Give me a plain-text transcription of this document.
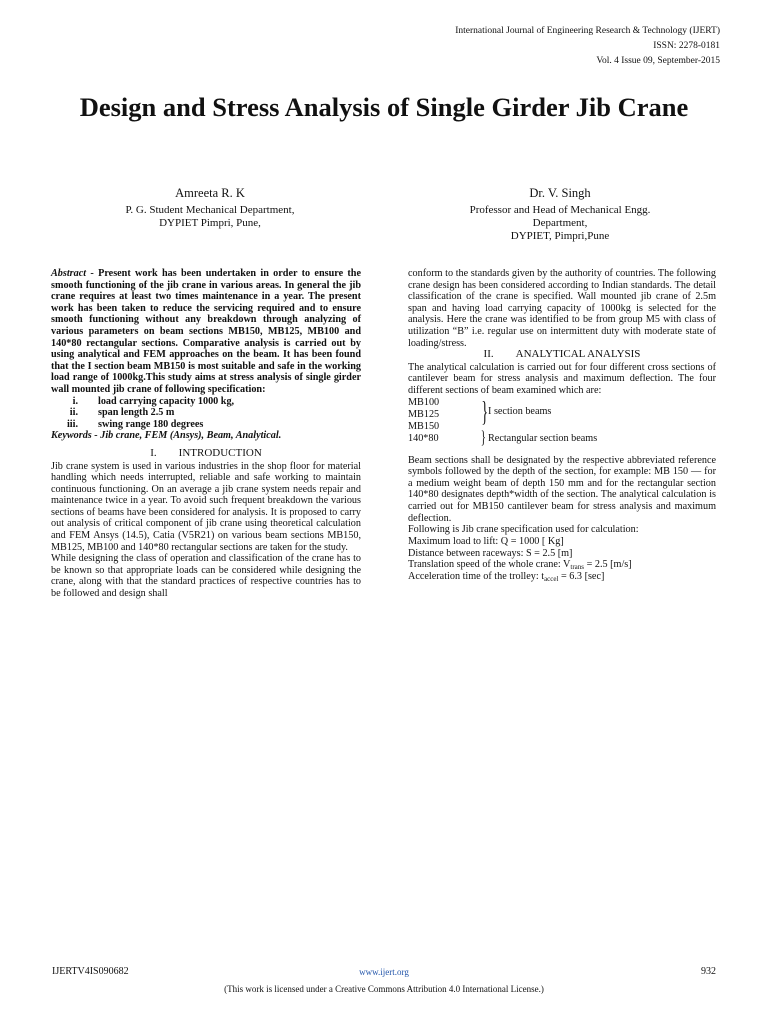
International Journal of Engineering Research & Technology (IJERT)
ISSN: 2278-0181
Vol. 4 Issue 09, September-2015
Design and Stress Analysis of Single Girder Jib Crane
Amreeta R. K
P. G. Student Mechanical Department,
DYPIET Pimpri, Pune,
Dr. V. Singh
Professor and Head of Mechanical Engg.
Department,
DYPIET, Pimpri,Pune

Abstract - Present work has been undertaken in order to ensure the smooth functioning of the jib crane in various areas. In general the jib crane requires at least two times maintenance in a year. The present work has been taken to reduce the servicing required and to ensure smooth functioning without any breakdown through analyzing of various parameters on beam sections MB150, MB125, MB100 and 140*80 rectangular sections. Comparative analysis is carried out by using analytical and FEM approaches on the beam. It has been found that the I section beam MB150 is most suitable and safe in the working load range of 1000kg.This study aims at stress analysis of single girder wall mounted jib crane of following specification:

i.	load carrying capacity 1000 kg,
ii.	span length 2.5 m
iii.	swing range 180 degrees

Keywords - Jib crane, FEM (Ansys), Beam, Analytical.

I. INTRODUCTION

Jib crane system is used in various industries in the shop floor for material handling which needs interrupted, reliable and safe working to maintain continuous functioning. On an average a jib crane system needs repair and maintenance twice in a year. To avoid such frequent breakdown the various sections of beams have been considered for analysis. It is proposed to carry out analysis of critical component of jib crane using theoretical calculation and FEM Ansys (14.5), Catia (V5R21) on various beam sections MB150, MB125, MB100 and 140*80 rectangular sections are taken for the study.

While designing the class of operation and classification of the crane has to be known so that appropriate loads can be considered while designing the crane, along with that the standard practices of respective countries has to be followed and design shall

conform to the standards given by the authority of countries. The following crane design has been considered according to Indian standards. The detail classification of the crane is specified. Wall mounted jib crane of 2.5m span and having load carrying capacity of 1000kg is selected for the analysis. Here the crane was identified to be from group M5 with class of utilization “B” i.e. regular use on intermittent duty with moderate state of loading/stress.

II. ANALYTICAL ANALYSIS

The analytical calculation is carried out for four different cross sections of cantilever beam for stress analysis and maximum deflection. The four different sections of beam examined which are:

MB100
MB125
MB150
140*80
} I section beams
} Rectangular section beams

Beam sections shall be designated by the respective abbreviated reference symbols followed by the depth of the section, for example: MB 150 — for a medium weight beam of depth 150 mm and for the rectangular section 140*80 designates depth*width of the section. The analytical calculation is carried out for MB150 cantilever beam for stress analysis and maximum deflection.

Following is Jib crane specification used for calculation:
Maximum load to lift: Q = 1000 [ Kg]
Distance between raceways: S = 2.5 [m]
Translation speed of the whole crane: $V_{trans} = 2.5$ [m/s]
Acceleration time of the trolley: $t_{accel} = 6.3$ [sec]
IJERTV4IS090682	www.ijert.org	932
(This work is licensed under a Creative Commons Attribution 4.0 International License.)
